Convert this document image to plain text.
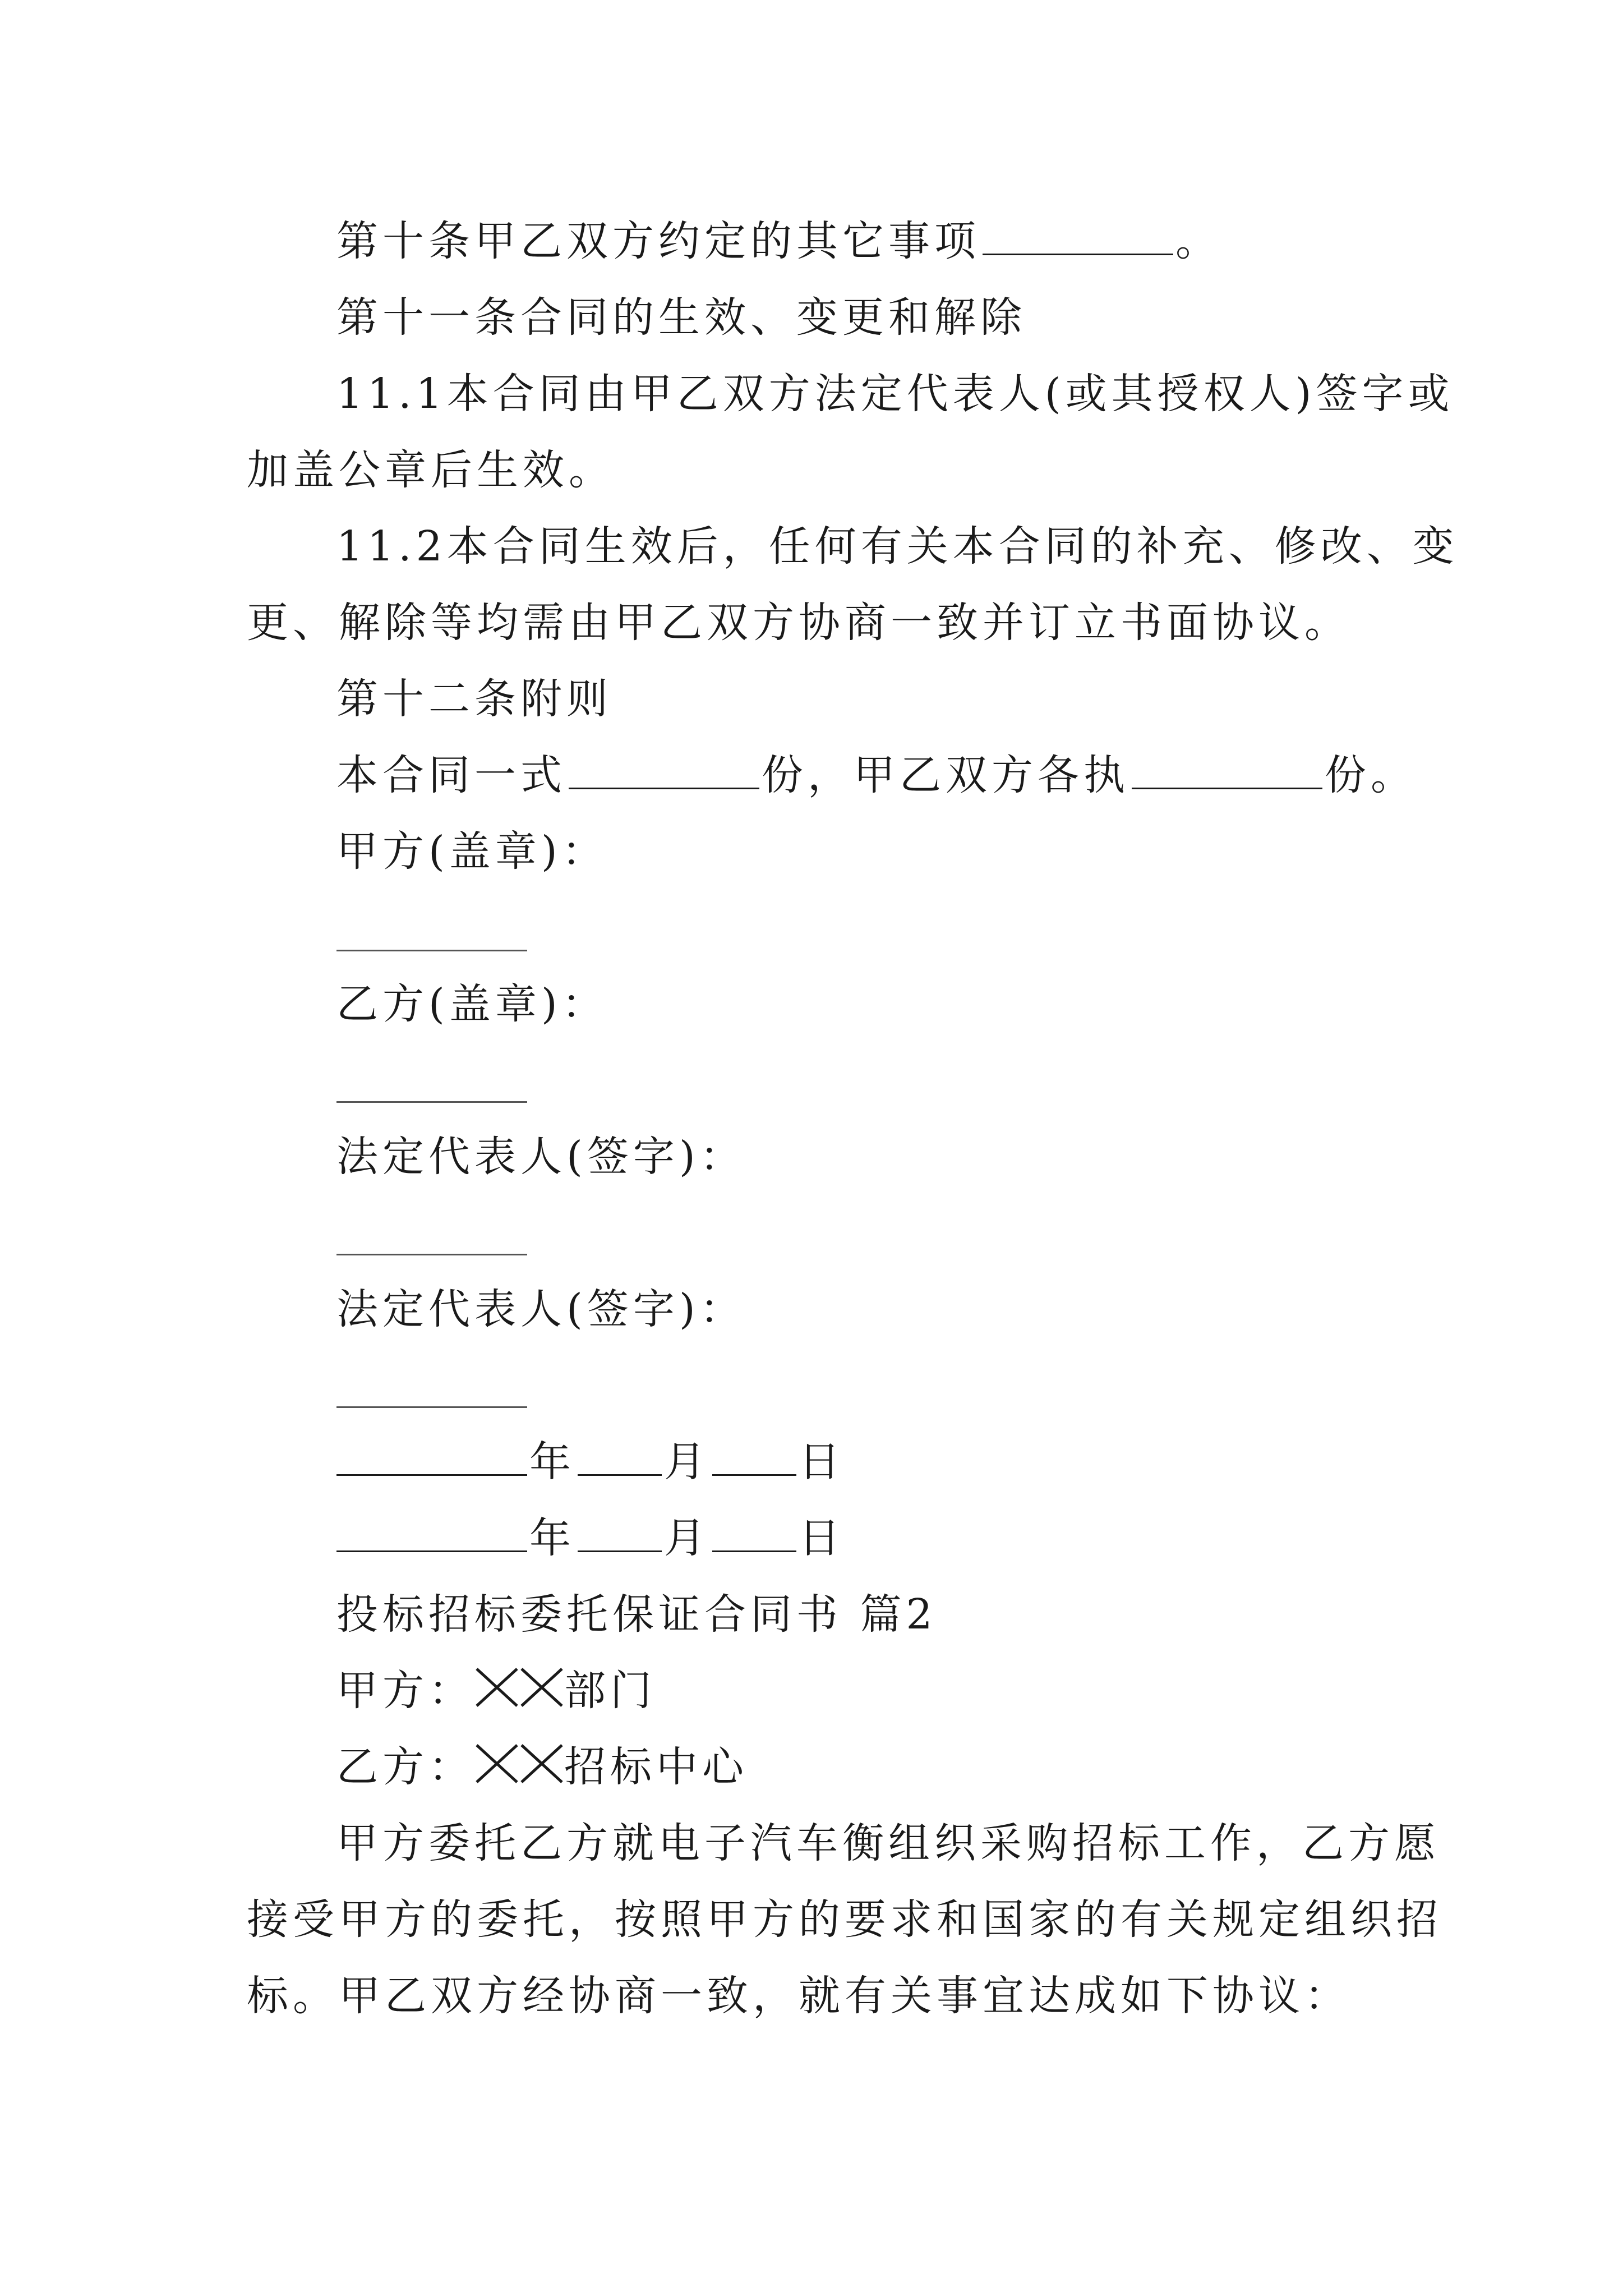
第十条甲乙双方约定的其它事项	。
第十一条合同的生效、变更和解除
11.1本合同由甲乙双方法定代表人(或其授权人)签字或
加盖公章后生效。
11.2本合同生效后，任何有关本合同的补充、修改、变
更、解除等均需由甲乙双方协商一致并订立书面协议。
第十二条附则
本合同一式	份，甲乙双方各执	份。
甲方(盖章)：
乙方(盖章)：
法定代表人(签字)：
法定代表人(签字)：
年 月 日
年 月 日
投标招标委托保证合同书 篇2
甲方： 部门
乙方： 招标中心
甲方委托乙方就电子汽车衡组织采购招标工作，乙方愿
接受甲方的委托，按照甲方的要求和国家的有关规定组织招
标。甲乙双方经协商一致，就有关事宜达成如下协议：
